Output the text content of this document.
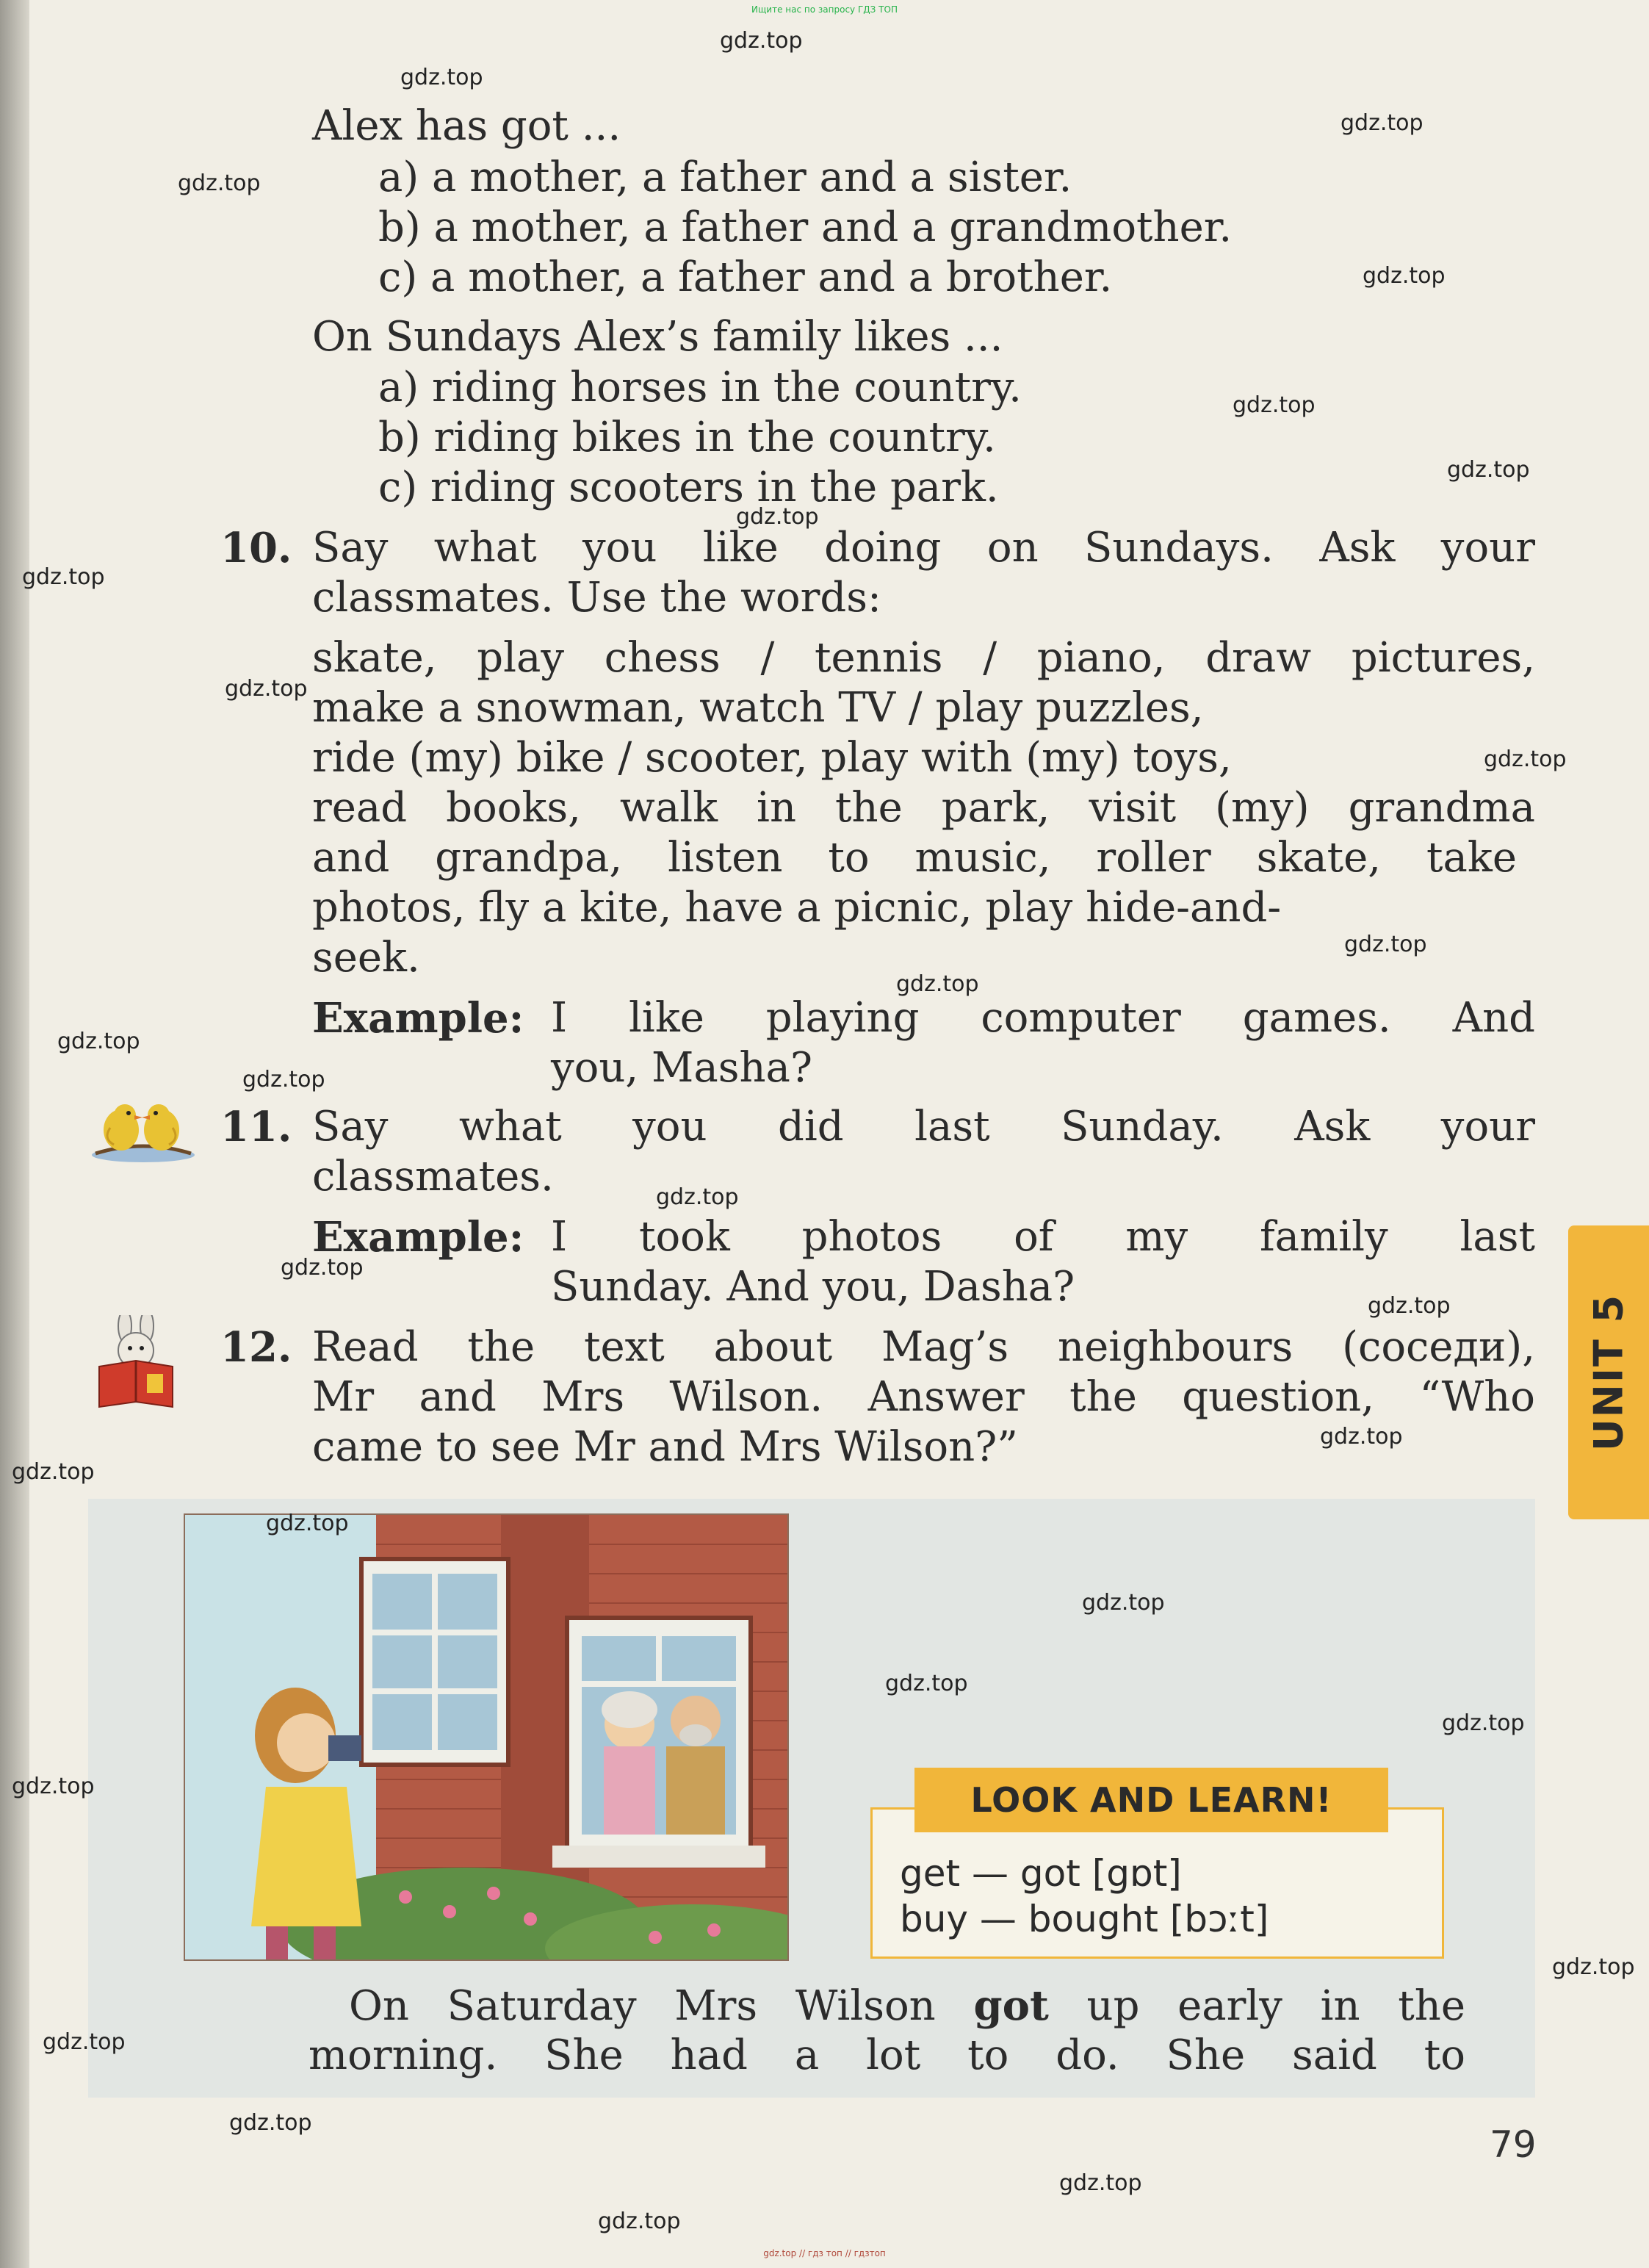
Ищите нас по запросу ГДЗ ТОП
Alex has got ...
a) a mother, a father and a sister.
b) a mother, a father and a grandmother.
c) a mother, a father and a brother.
On Sundays Alex’s family likes ...
a) riding horses in the country.
b) riding bikes in the country.
c) riding scooters in the park.
10. Say what you like doing on Sundays. Ask your
classmates. Use the words:
skate, play chess / tennis / piano, draw pictures,
make a snowman, watch TV / play puzzles,
ride (my) bike / scooter, play with (my) toys,
read books, walk in the park, visit (my) grandma
and grandpa, listen to music, roller skate, take
photos, fly a kite, have a picnic, play hide-and-
seek.
Example: I like playing computer games. And
you, Masha?
11. Say what you did last Sunday. Ask your
classmates.
Example: I took photos of my family last
Sunday. And you, Dasha?
12. Read the text about Mag’s neighbours (соседи),
Mr and Mrs Wilson. Answer the question, “Who
came to see Mr and Mrs Wilson?”
LOOK AND LEARN!
get — got [gɒt]
buy — bought [bɔːt]
On Saturday Mrs Wilson got up early in the
morning. She had a lot to do. She said to
UNIT 5
79
gdz.top
gdz.top
gdz.top
gdz.top
gdz.top
gdz.top
gdz.top
gdz.top
gdz.top
gdz.top
gdz.top
gdz.top
gdz.top
gdz.top
gdz.top
gdz.top
gdz.top
gdz.top
gdz.top
gdz.top
gdz.top
gdz.top
gdz.top
gdz.top
gdz.top
gdz.top
gdz.top
gdz.top
gdz.top
gdz.top
gdz.top // гдз топ // гдзтоп
